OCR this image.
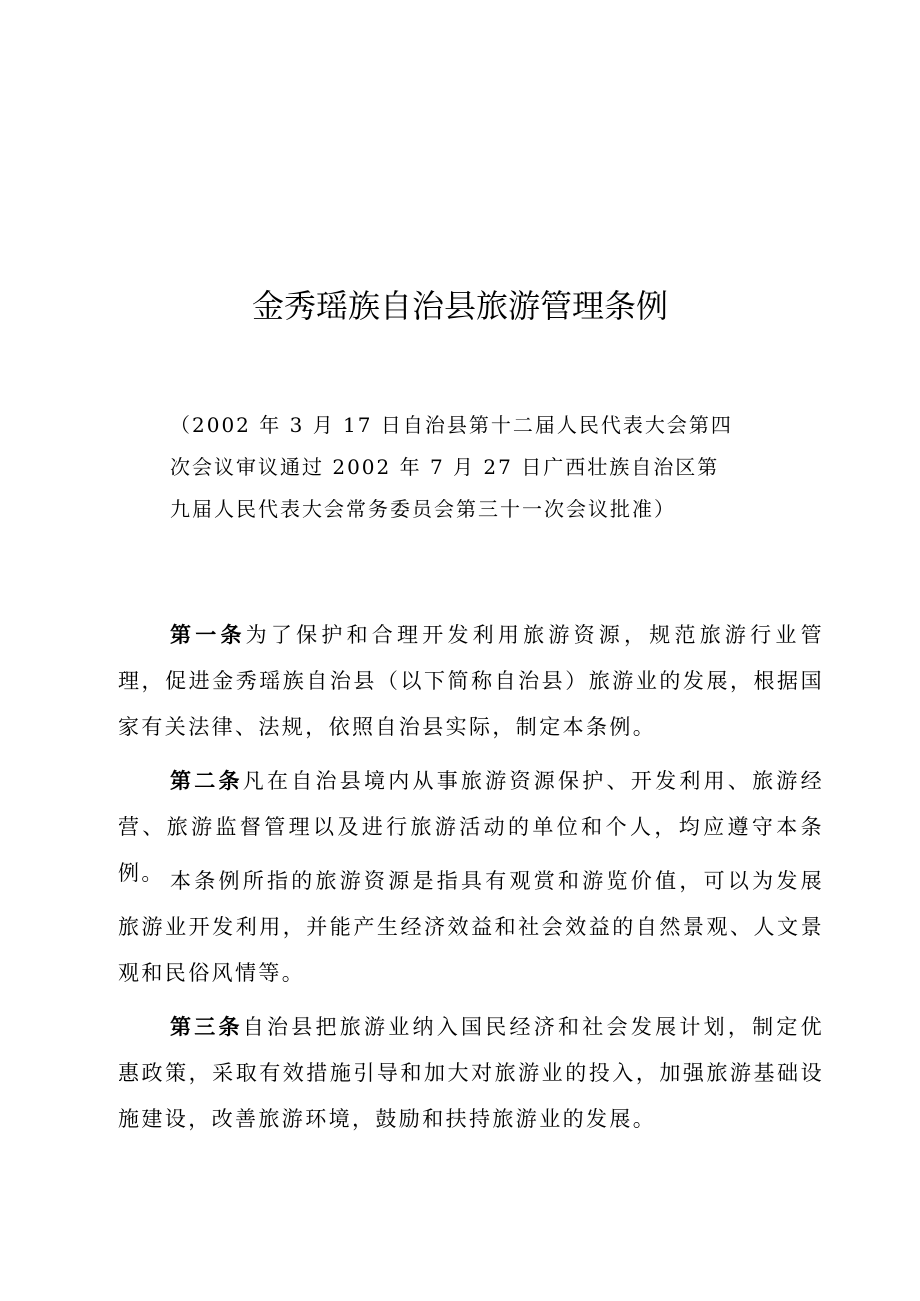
金秀瑶族自治县旅游管理条例

（2002 年 3 月 17 日自治县第十二届人民代表大会第四
次会议审议通过 2002 年 7 月 27 日广西壮族自治区第
九届人民代表大会常务委员会第三十一次会议批准）

第一条为了保护和合理开发利用旅游资源，规范旅游行业管理，促进金秀瑶族自治县（以下简称自治县）旅游业的发展，根据国家有关法律、法规，依照自治县实际，制定本条例。

第二条凡在自治县境内从事旅游资源保护、开发利用、旅游经营、旅游监督管理以及进行旅游活动的单位和个人，均应遵守本条例。 本条例所指的旅游资源是指具有观赏和游览价值，可以为发展旅游业开发利用，并能产生经济效益和社会效益的自然景观、人文景观和民俗风情等。

第三条自治县把旅游业纳入国民经济和社会发展计划，制定优惠政策，采取有效措施引导和加大对旅游业的投入，加强旅游基础设施建设，改善旅游环境，鼓励和扶持旅游业的发展。
